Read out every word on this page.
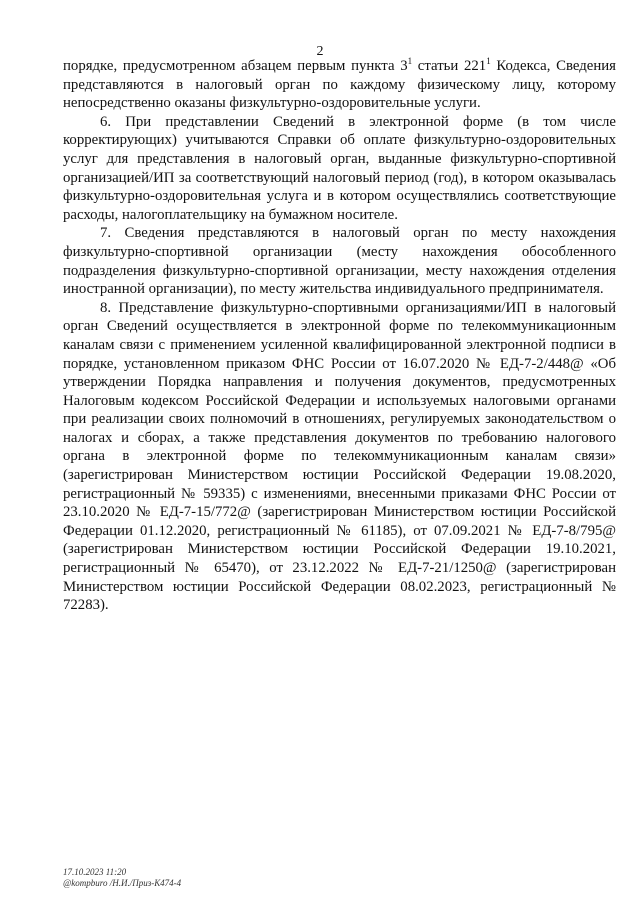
2

порядке, предусмотренном абзацем первым пункта $3^1$ статьи $221^1$ Кодекса, Сведения представляются в налоговый орган по каждому физическому лицу, которому непосредственно оказаны физкультурно-оздоровительные услуги.

6. При представлении Сведений в электронной форме (в том числе корректирующих) учитываются Справки об оплате физкультурно-оздоровительных услуг для представления в налоговый орган, выданные физкультурно-спортивной организацией/ИП за соответствующий налоговый период (год), в котором оказывалась физкультурно-оздоровительная услуга и в котором осуществлялись соответствующие расходы, налогоплательщику на бумажном носителе.

7. Сведения представляются в налоговый орган по месту нахождения физкультурно-спортивной организации (месту нахождения обособленного подразделения физкультурно-спортивной организации, месту нахождения отделения иностранной организации), по месту жительства индивидуального предпринимателя.

8. Представление физкультурно-спортивными организациями/ИП в налоговый орган Сведений осуществляется в электронной форме по телекоммуникационным каналам связи с применением усиленной квалифицированной электронной подписи в порядке, установленном приказом ФНС России от 16.07.2020 № ЕД-7-2/448@ «Об утверждении Порядка направления и получения документов, предусмотренных Налоговым кодексом Российской Федерации и используемых налоговыми органами при реализации своих полномочий в отношениях, регулируемых законодательством о налогах и сборах, а также представления документов по требованию налогового органа в электронной форме по телекоммуникационным каналам связи» (зарегистрирован Министерством юстиции Российской Федерации 19.08.2020, регистрационный № 59335) с изменениями, внесенными приказами ФНС России от 23.10.2020 № ЕД-7-15/772@ (зарегистрирован Министерством юстиции Российской Федерации 01.12.2020, регистрационный № 61185), от 07.09.2021 № ЕД-7-8/795@ (зарегистрирован Министерством юстиции Российской Федерации 19.10.2021, регистрационный № 65470), от 23.12.2022 № ЕД-7-21/1250@ (зарегистрирован Министерством юстиции Российской Федерации 08.02.2023, регистрационный № 72283).

17.10.2023 11:20
@kompburo /Н.И./Приз-К474-4
